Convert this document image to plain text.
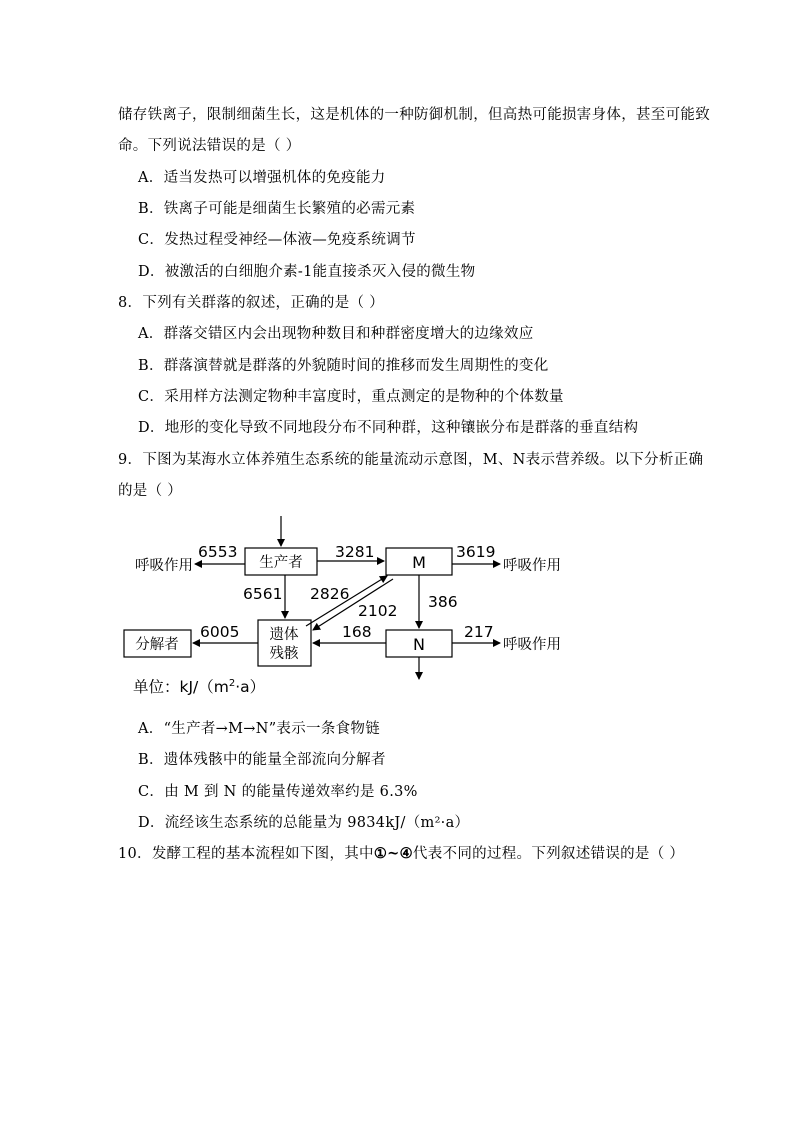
储存铁离子，限制细菌生长，这是机体的一种防御机制，但高热可能损害身体，甚至可能致
命。下列说法错误的是（ ）
A．适当发热可以增强机体的免疫能力
B．铁离子可能是细菌生长繁殖的必需元素
C．发热过程受神经—体液—免疫系统调节
D．被激活的白细胞介素-1能直接杀灭入侵的微生物
8．下列有关群落的叙述，正确的是（ ）
A．群落交错区内会出现物种数目和种群密度增大的边缘效应
B．群落演替就是群落的外貌随时间的推移而发生周期性的变化
C．采用样方法测定物种丰富度时，重点测定的是物种的个体数量
D．地形的变化导致不同地段分布不同种群，这种镶嵌分布是群落的垂直结构
9．下图为某海水立体养殖生态系统的能量流动示意图，M、N表示营养级。以下分析正确
的是（ ）
生产者	M
N
遗体
残骸
分解者
呼吸作用	呼吸作用
呼吸作用
6553	3281	3619
6561 2826	386
2102
6005	168	217
单位：$kJ/(m^2\cdot a)$
A．“生产者→M→N”表示一条食物链
B．遗体残骸中的能量全部流向分解者
C．由 M 到 N 的能量传递效率约是 6.3%
D．流经该生态系统的总能量为 9834kJ/（m²·a）
10．发酵工程的基本流程如下图，其中①~④代表不同的过程。下列叙述错误的是（ ）
